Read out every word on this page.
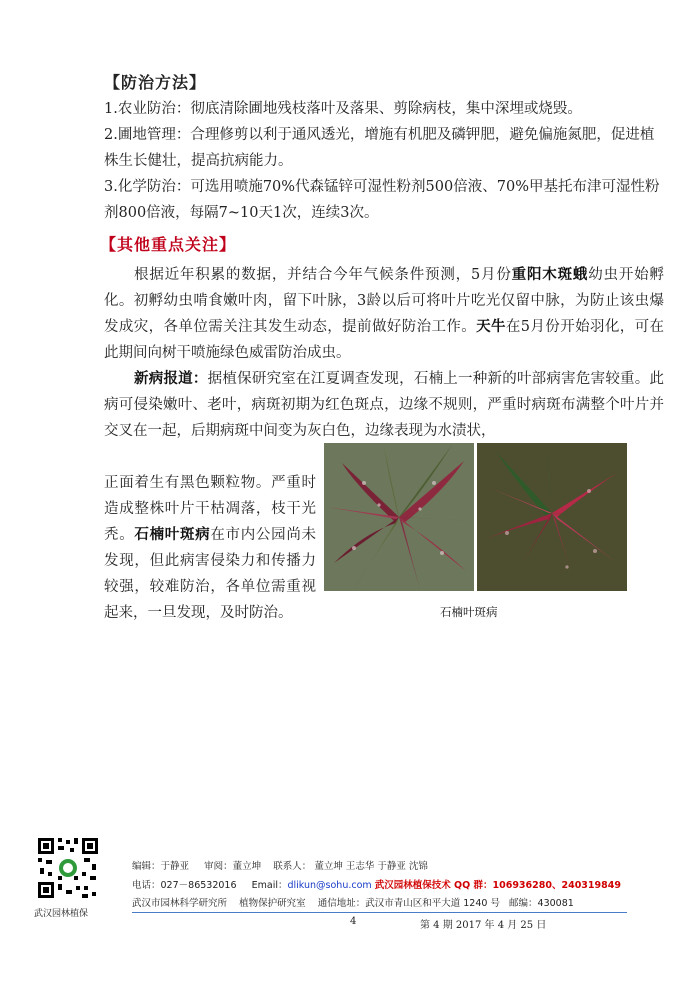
【防治方法】
1.农业防治：彻底清除圃地残枝落叶及落果、剪除病枝，集中深埋或烧毁。
2.圃地管理：合理修剪以利于通风透光，增施有机肥及磷钾肥，避免偏施氮肥，促进植株生长健壮，提高抗病能力。
3.化学防治：可选用喷施70%代森锰锌可湿性粉剂500倍液、70%甲基托布津可湿性粉剂800倍液，每隔7~10天1次，连续3次。
【其他重点关注】
根据近年积累的数据，并结合今年气候条件预测，5月份重阳木斑蛾幼虫开始孵化。初孵幼虫啃食嫩叶肉，留下叶脉，3龄以后可将叶片吃光仅留中脉，为防止该虫爆发成灾，各单位需关注其发生动态，提前做好防治工作。天牛在5月份开始羽化，可在此期间向树干喷施绿色威雷防治成虫。
新病报道：据植保研究室在江夏调查发现，石楠上一种新的叶部病害危害较重。此病可侵染嫩叶、老叶，病斑初期为红色斑点，边缘不规则，严重时病斑布满整个叶片并交叉在一起，后期病斑中间变为灰白色，边缘表现为水渍状，
正面着生有黑色颗粒物。严重时造成整株叶片干枯凋落，枝干光秃。石楠叶斑病在市内公园尚未发现，但此病害侵染力和传播力较强，较难防治，各单位需重视起来，一旦发现，及时防治。	石楠叶斑病
武汉园林植保
编辑：于静亚 审阅：董立坤 联系人： 董立坤 王志华 于静亚 沈锦
电话：027－86532016 Email：dlikun@sohu.com 武汉园林植保技术 QQ 群：106936280、240319849
武汉市园林科学研究所 植物保护研究室 通信地址：武汉市青山区和平大道 1240 号 邮编：430081
4	第 4 期 2017 年 4 月 25 日
